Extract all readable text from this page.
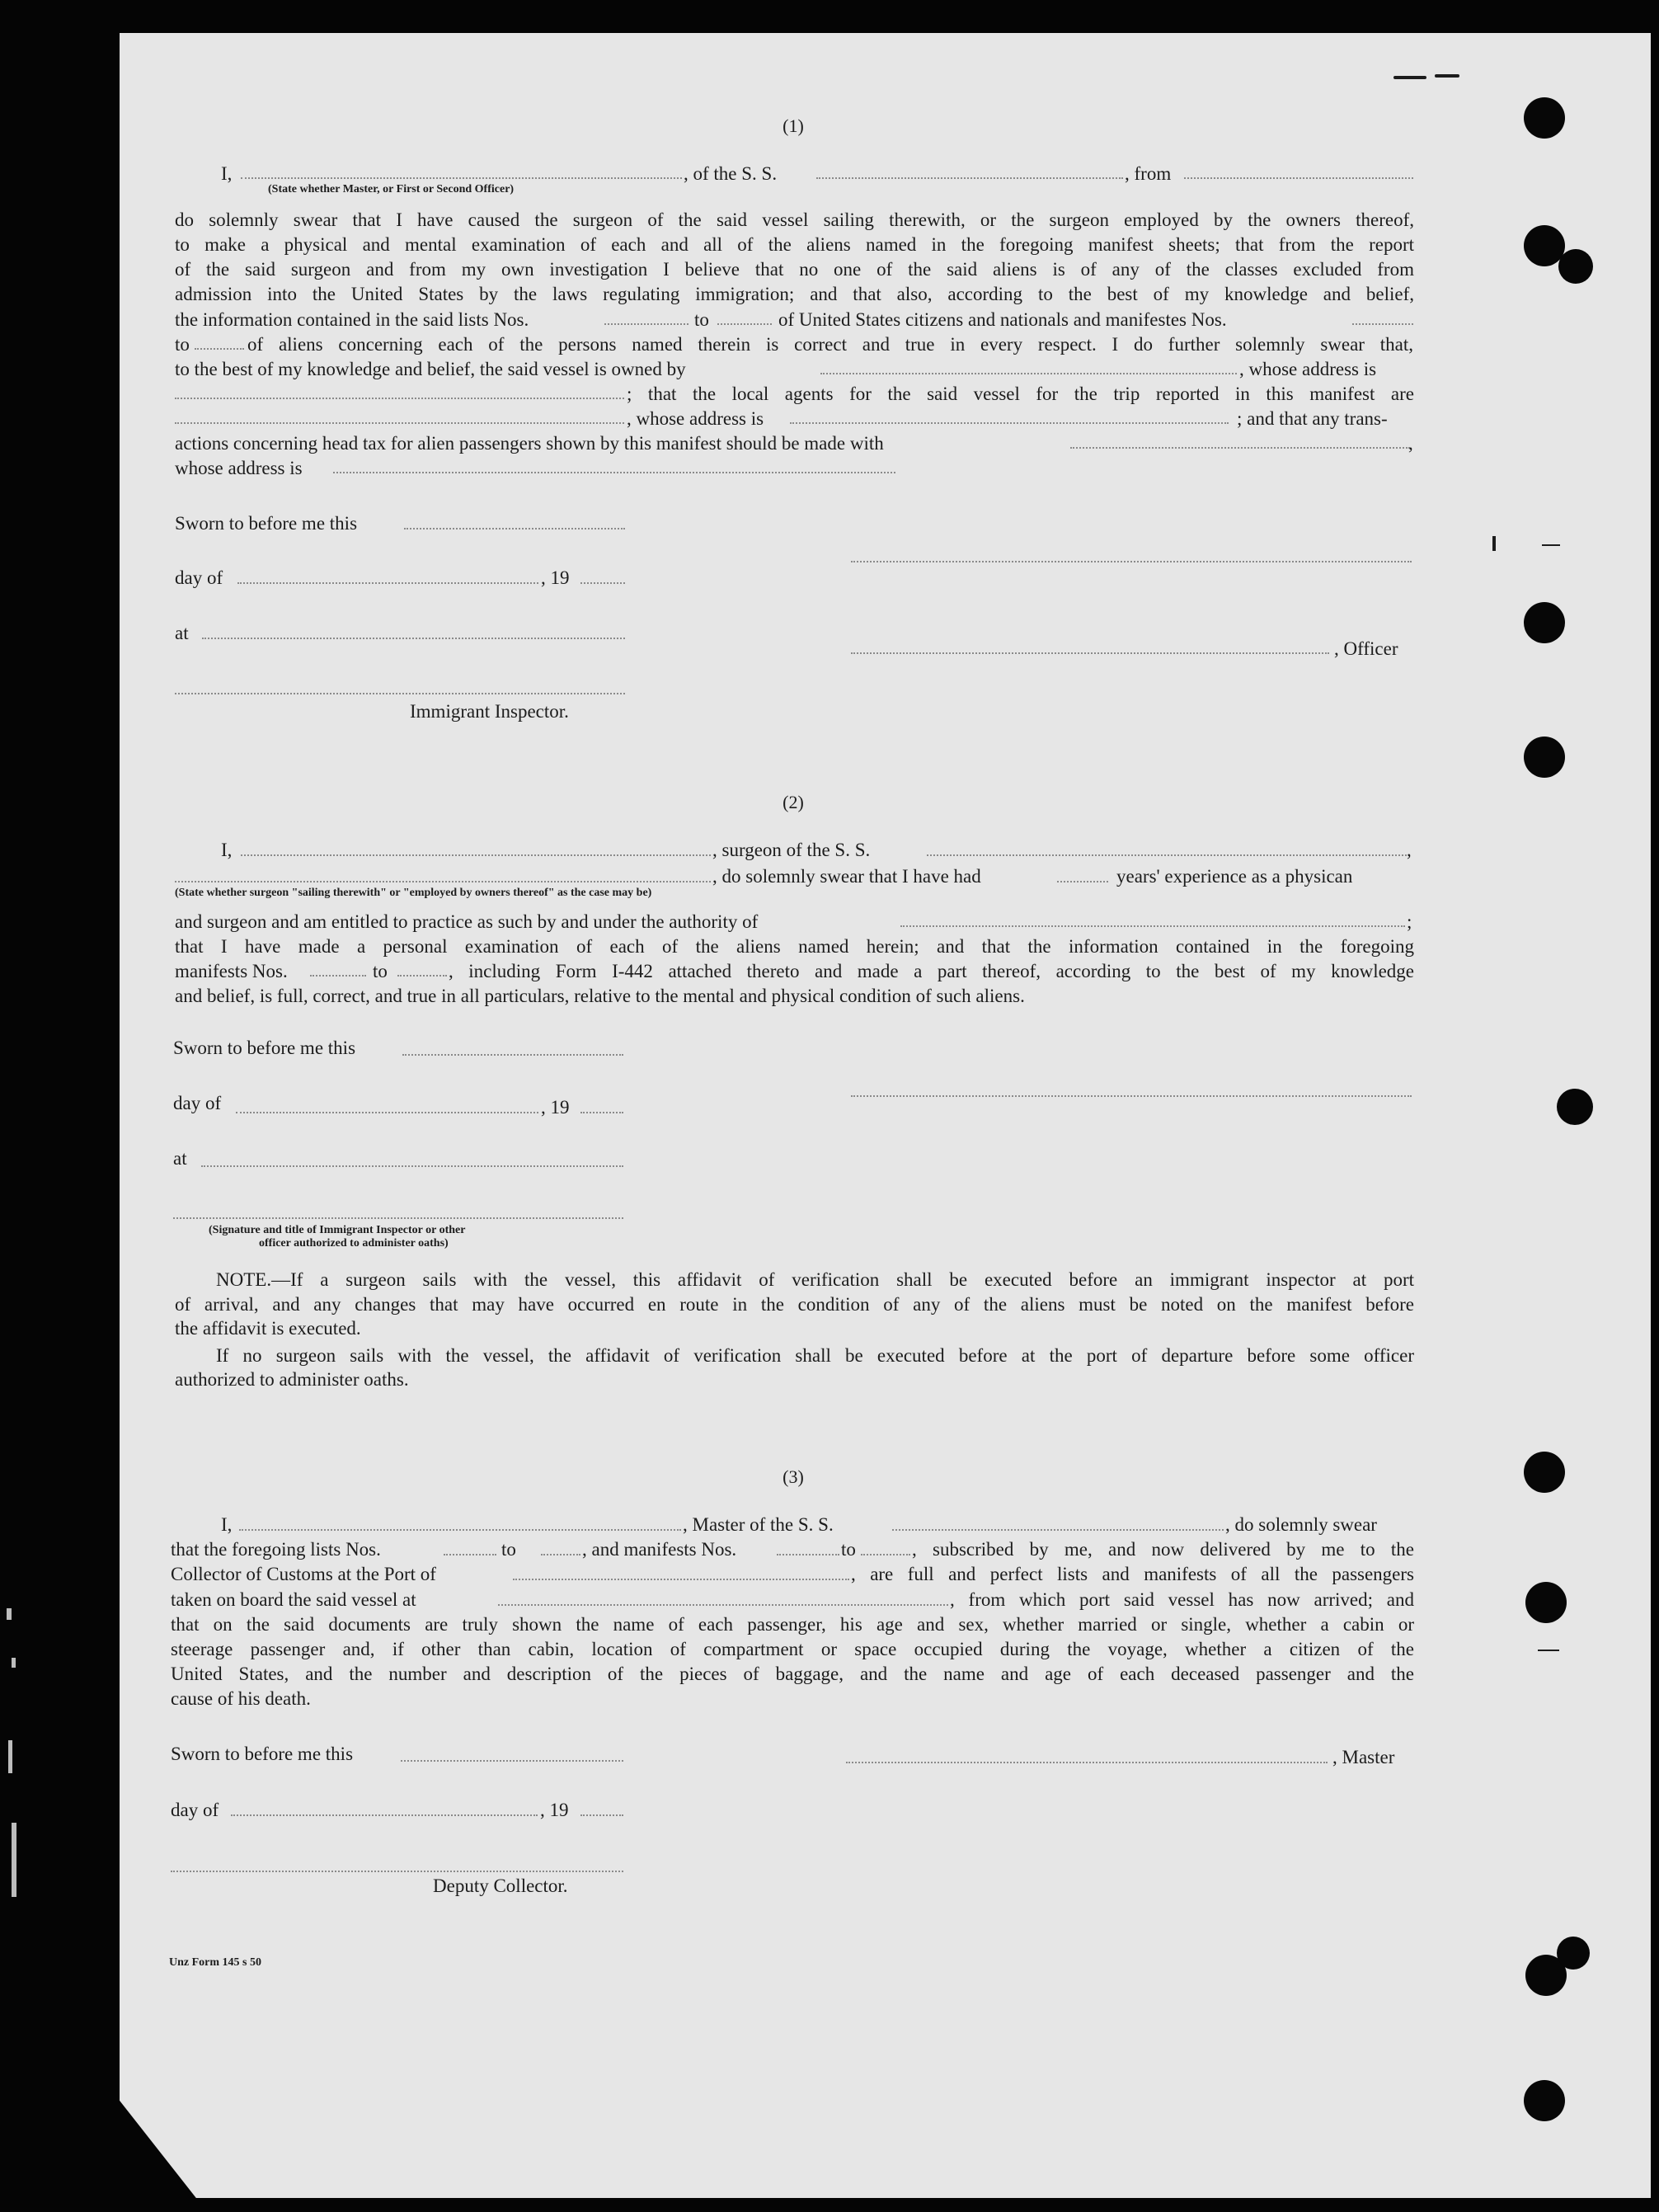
(1)
I,	, of the S. S.	, from
(State whether Master, or First or Second Officer)
do solemnly swear that I have caused the surgeon of the said vessel sailing therewith, or the surgeon employed by the owners thereof,
to make a physical and mental examination of each and all of the aliens named in the foregoing manifest sheets; that from the report
of the said surgeon and from my own investigation I believe that no one of the said aliens is of any of the classes excluded from
admission into the United States by the laws regulating immigration; and that also, according to the best of my knowledge and belief,
the information contained in the said lists Nos.	to	of United States citizens and nationals and manifestes Nos.
to	of aliens concerning each of the persons named therein is correct and true in every respect. I do further solemnly swear that,
to the best of my knowledge and belief, the said vessel is owned by	, whose address is
; that the local agents for the said vessel for the trip reported in this manifest are
, whose address is	; and that any trans-
actions concerning head tax for alien passengers shown by this manifest should be made with	,
whose address is
Sworn to before me this
day of	, 19
at
, Officer
Immigrant Inspector.
(2)
I,	, surgeon of the S. S.	,
, do solemnly swear that I have had	years' experience as a physican
(State whether surgeon "sailing therewith" or "employed by owners thereof" as the case may be)
and surgeon and am entitled to practice as such by and under the authority of	;
that I have made a personal examination of each of the aliens named herein; and that the information contained in the foregoing
manifests Nos.	to	, including Form I-442 attached thereto and made a part thereof, according to the best of my knowledge
and belief, is full, correct, and true in all particulars, relative to the mental and physical condition of such aliens.
Sworn to before me this
day of	, 19
at
(Signature and title of Immigrant Inspector or other
officer authorized to administer oaths)
NOTE.—If a surgeon sails with the vessel, this affidavit of verification shall be executed before an immigrant inspector at port
of arrival, and any changes that may have occurred en route in the condition of any of the aliens must be noted on the manifest before
the affidavit is executed.
If no surgeon sails with the vessel, the affidavit of verification shall be executed before at the port of departure before some officer
authorized to administer oaths.
(3)
I,	, Master of the S. S.	, do solemnly swear
that the foregoing lists Nos.	to	, and manifests Nos.	to	, subscribed by me, and now delivered by me to the
Collector of Customs at the Port of	, are full and perfect lists and manifests of all the passengers
taken on board the said vessel at	, from which port said vessel has now arrived; and
that on the said documents are truly shown the name of each passenger, his age and sex, whether married or single, whether a cabin or
steerage passenger and, if other than cabin, location of compartment or space occupied during the voyage, whether a citizen of the
United States, and the number and description of the pieces of baggage, and the name and age of each deceased passenger and the
cause of his death.
Sworn to before me this	, Master
day of	, 19
Deputy Collector.
Unz Form 145 s 50
